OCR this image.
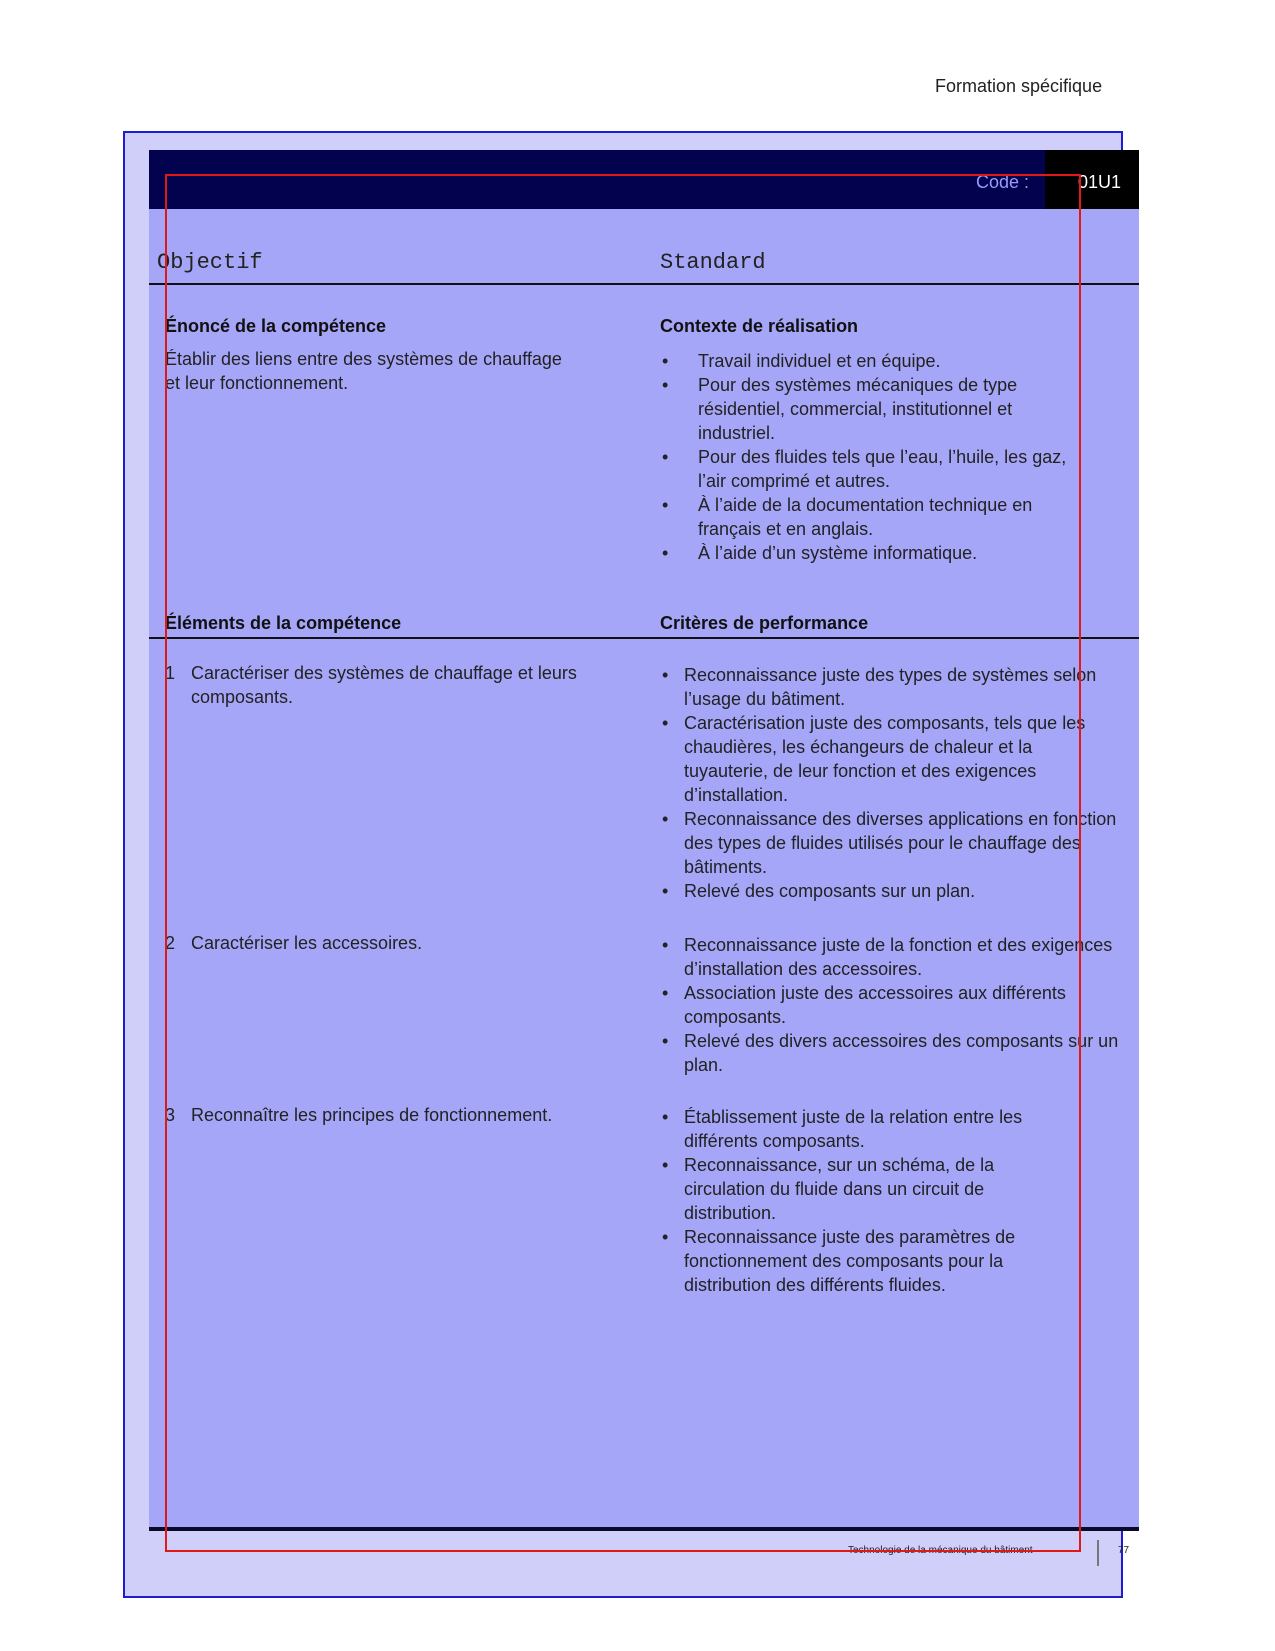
Formation spécifique
Code :	01U1
Objectif	Standard
Énoncé de la compétence
Établir des liens entre des systèmes de chauffage
et leur fonctionnement.
Contexte de réalisation
• Travail individuel et en équipe.
• Pour des systèmes mécaniques de type résidentiel, commercial, institutionnel et industriel.
• Pour des fluides tels que l’eau, l’huile, les gaz, l’air comprimé et autres.
• À l’aide de la documentation technique en français et en anglais.
• À l’aide d’un système informatique.
Éléments de la compétence	Critères de performance
1 Caractériser des systèmes de chauffage et leurs composants.
• Reconnaissance juste des types de systèmes selon l’usage du bâtiment.
• Caractérisation juste des composants, tels que les chaudières, les échangeurs de chaleur et la tuyauterie, de leur fonction et des exigences d’installation.
• Reconnaissance des diverses applications en fonction des types de fluides utilisés pour le chauffage des bâtiments.
• Relevé des composants sur un plan.
2 Caractériser les accessoires.	• Reconnaissance juste de la fonction et des exigences d’installation des accessoires.
• Association juste des accessoires aux différents composants.
• Relevé des divers accessoires des composants sur un plan.
3 Reconnaître les principes de fonctionnement.	• Établissement juste de la relation entre les différents composants.
• Reconnaissance, sur un schéma, de la circulation du fluide dans un circuit de distribution.
• Reconnaissance juste des paramètres de fonctionnement des composants pour la distribution des différents fluides.
Technologie de la mécanique du bâtiment	77
